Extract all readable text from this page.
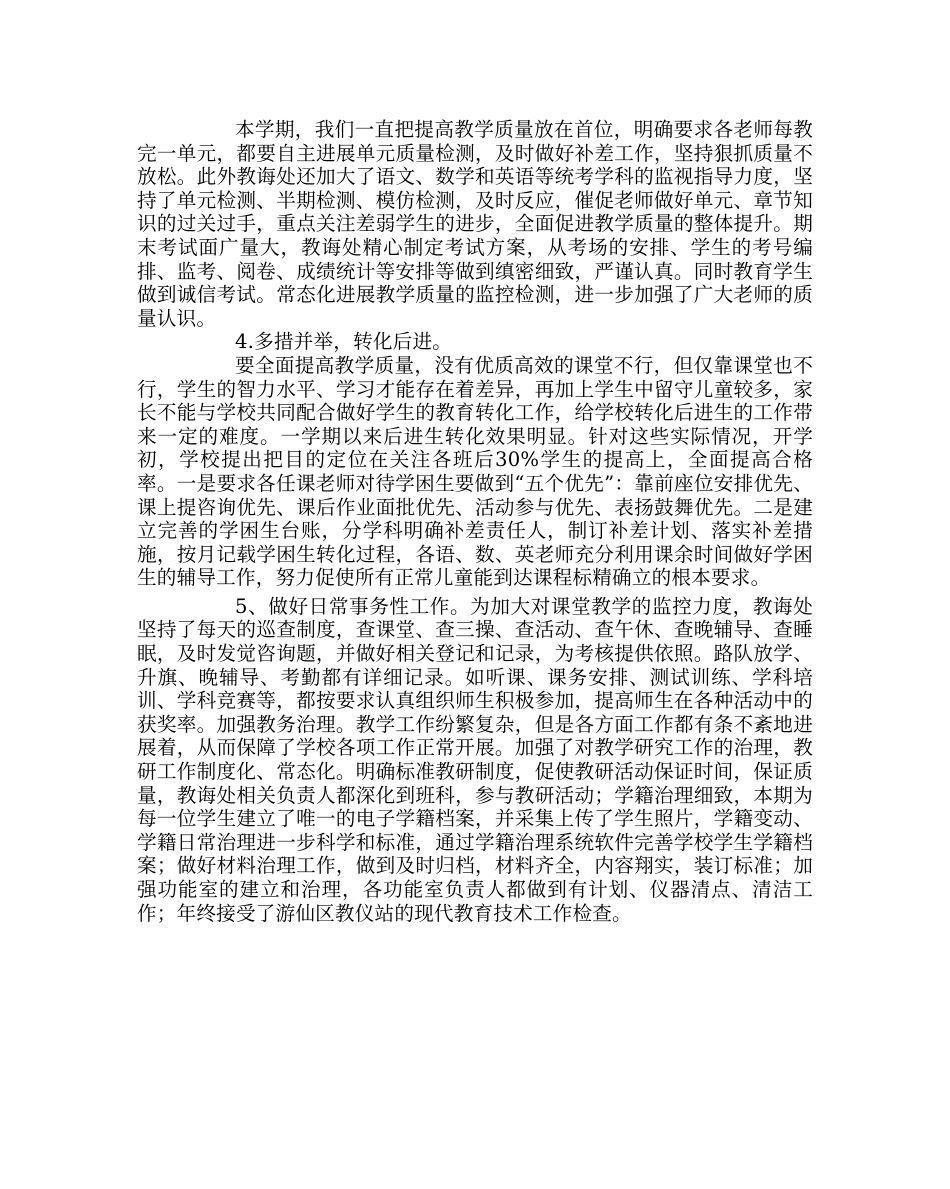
本学期，我们一直把提高教学质量放在首位，明确要求各老师每教完一单元，都要自主进展单元质量检测，及时做好补差工作，坚持狠抓质量不放松。此外教诲处还加大了语文、数学和英语等统考学科的监视指导力度，坚持了单元检测、半期检测、模仿检测，及时反应，催促老师做好单元、章节知识的过关过手，重点关注差弱学生的进步，全面促进教学质量的整体提升。期末考试面广量大，教诲处精心制定考试方案，从考场的安排、学生的考号编排、监考、阅卷、成绩统计等安排等做到缜密细致，严谨认真。同时教育学生做到诚信考试。常态化进展教学质量的监控检测，进一步加强了广大老师的质量认识。

4.多措并举，转化后进。

要全面提高教学质量，没有优质高效的课堂不行，但仅靠课堂也不行，学生的智力水平、学习才能存在着差异，再加上学生中留守儿童较多，家长不能与学校共同配合做好学生的教育转化工作，给学校转化后进生的工作带来一定的难度。一学期以来后进生转化效果明显。针对这些实际情况，开学初，学校提出把目的定位在关注各班后30%学生的提高上，全面提高合格率。一是要求各任课老师对待学困生要做到“五个优先”：靠前座位安排优先、课上提咨询优先、课后作业面批优先、活动参与优先、表扬鼓舞优先。二是建立完善的学困生台账，分学科明确补差责任人，制订补差计划、落实补差措施，按月记载学困生转化过程，各语、数、英老师充分利用课余时间做好学困生的辅导工作，努力促使所有正常儿童能到达课程标精确立的根本要求。

5、做好日常事务性工作。为加大对课堂教学的监控力度，教诲处坚持了每天的巡查制度，查课堂、查三操、查活动、查午休、查晚辅导、查睡眠，及时发觉咨询题，并做好相关登记和记录，为考核提供依照。路队放学、升旗、晚辅导、考勤都有详细记录。如听课、课务安排、测试训练、学科培训、学科竞赛等，都按要求认真组织师生积极参加，提高师生在各种活动中的获奖率。加强教务治理。教学工作纷繁复杂，但是各方面工作都有条不紊地进展着，从而保障了学校各项工作正常开展。加强了对教学研究工作的治理，教研工作制度化、常态化。明确标准教研制度，促使教研活动保证时间，保证质量，教诲处相关负责人都深化到班科，参与教研活动；学籍治理细致，本期为每一位学生建立了唯一的电子学籍档案，并采集上传了学生照片，学籍变动、学籍日常治理进一步科学和标准，通过学籍治理系统软件完善学校学生学籍档案；做好材料治理工作，做到及时归档，材料齐全，内容翔实，装订标准；加强功能室的建立和治理，各功能室负责人都做到有计划、仪器清点、清洁工作；年终接受了游仙区教仪站的现代教育技术工作检查。
